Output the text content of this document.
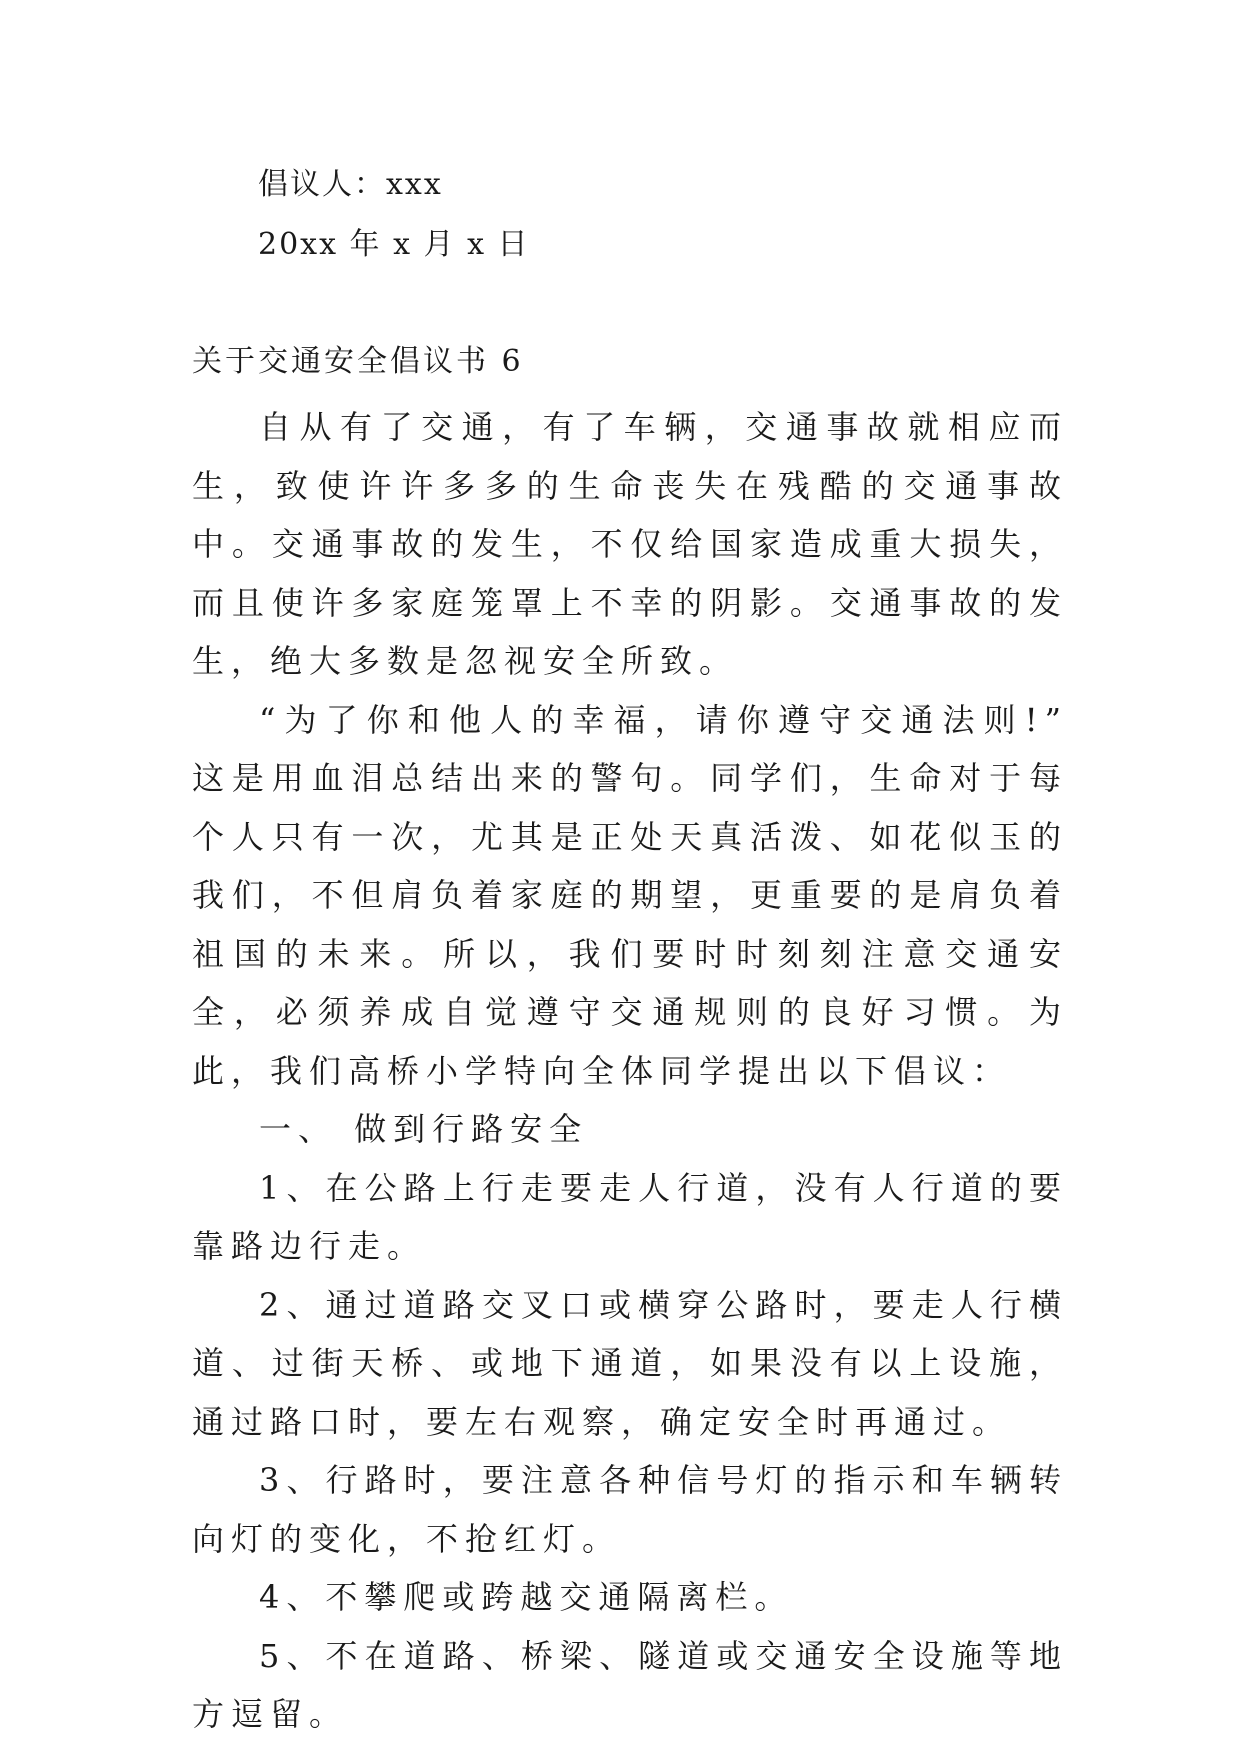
倡议人：xxx
20xx 年 x 月 x 日
关于交通安全倡议书 6

自从有了交通，有了车辆，交通事故就相应而生，致使许许多多的生命丧失在残酷的交通事故中。交通事故的发生，不仅给国家造成重大损失，而且使许多家庭笼罩上不幸的阴影。交通事故的发生，绝大多数是忽视安全所致。

“为了你和他人的幸福，请你遵守交通法则!” 这是用血泪总结出来的警句。同学们，生命对于每个人只有一次，尤其是正处天真活泼、如花似玉的我们，不但肩负着家庭的期望，更重要的是肩负着祖国的未来。所以，我们要时时刻刻注意交通安全，必须养成自觉遵守交通规则的良好习惯。为此，我们高桥小学特向全体同学提出以下倡议：

一、 做到行路安全

1、在公路上行走要走人行道，没有人行道的要靠路边行走。

2、通过道路交叉口或横穿公路时，要走人行横道、过街天桥、或地下通道，如果没有以上设施，通过路口时，要左右观察，确定安全时再通过。

3、行路时，要注意各种信号灯的指示和车辆转向灯的变化，不抢红灯。

4、不攀爬或跨越交通隔离栏。

5、不在道路、桥梁、隧道或交通安全设施等地方逗留。
